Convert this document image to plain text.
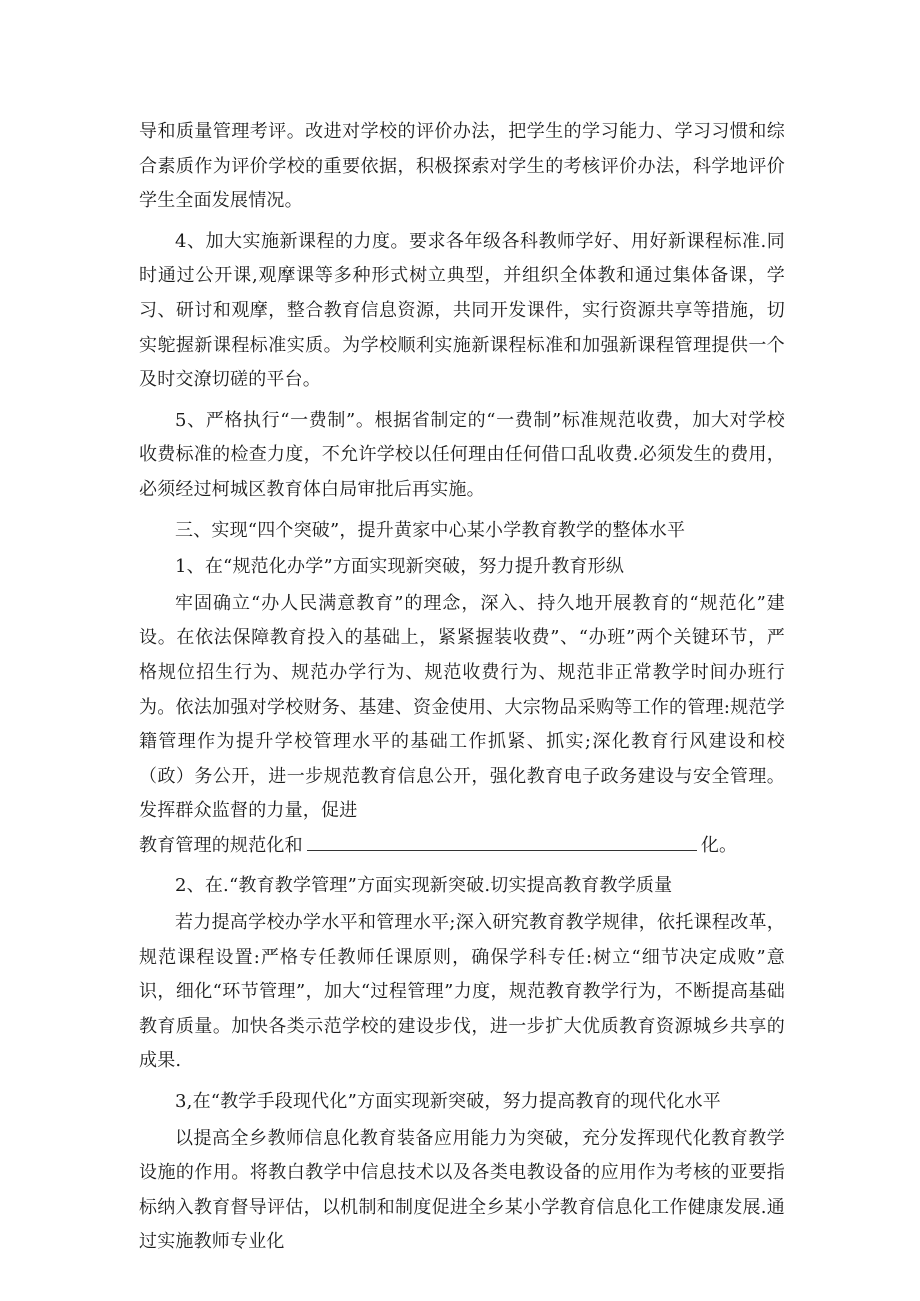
导和质量管理考评。改进对学校的评价办法，把学生的学习能力、学习习惯和综合素质作为评价学校的重要依据，积极探索对学生的考核评价办法，科学地评价学生全面发展情况。

4、加大实施新课程的力度。要求各年级各科教师学好、用好新课程标准.同时通过公开课,观摩课等多种形式树立典型，并组织全体教和通过集体备课，学习、研讨和观摩，整合教育信息资源，共同开发课件，实行资源共享等措施，切实鸵握新课程标准实质。为学校顺利实施新课程标准和加强新课程管理提供一个及时交潦切磋的平台。

5、严格执行“一费制”。根据省制定的“一费制”标准规范收费，加大对学校收费标准的检查力度，不允许学校以任何理由任何借口乱收费.必须发生的费用，必须经过柯城区教育体白局审批后再实施。

三、实现“四个突破”，提升黄家中心某小学教育教学的整体水平

1、在“规范化办学”方面实现新突破，努力提升教育形纵

牢固确立“办人民满意教育”的理念，深入、持久地开展教育的“规范化”建设。在依法保障教育投入的基础上，紧紧握装收费”、“办班”两个关键环节，严格规位招生行为、规范办学行为、规范收费行为、规范非正常教学时间办班行为。依法加强对学校财务、基建、资金使用、大宗物品采购等工作的管理:规范学籍管理作为提升学校管理水平的基础工作抓紧、抓实;深化教育行风建设和校（政）务公开，进一步规范教育信息公开，强化教育电子政务建设与安全管理。发挥群众监督的力量，促进

教育管理的规范化和	化。

2、在.“教育教学管理”方面实现新突破.切实提高教育教学质量

若力提高学校办学水平和管理水平;深入研究教育教学规律，依托课程改革，规范课程设置:严格专任教师任课原则，确保学科专任:树立“细节决定成败”意识，细化“环节管理”，加大“过程管理”力度，规范教育教学行为，不断提高基础教育质量。加快各类示范学校的建设步伐，进一步扩大优质教育资源城乡共享的成果.

3,在“教学手段现代化”方面实现新突破，努力提高教育的现代化水平

以提高全乡教师信息化教育装备应用能力为突破，充分发挥现代化教育教学设施的作用。将教白教学中信息技术以及各类电教设备的应用作为考核的亚要指标纳入教育督导评估，以机制和制度促进全乡某小学教育信息化工作健康发展.通过实施教师专业化
